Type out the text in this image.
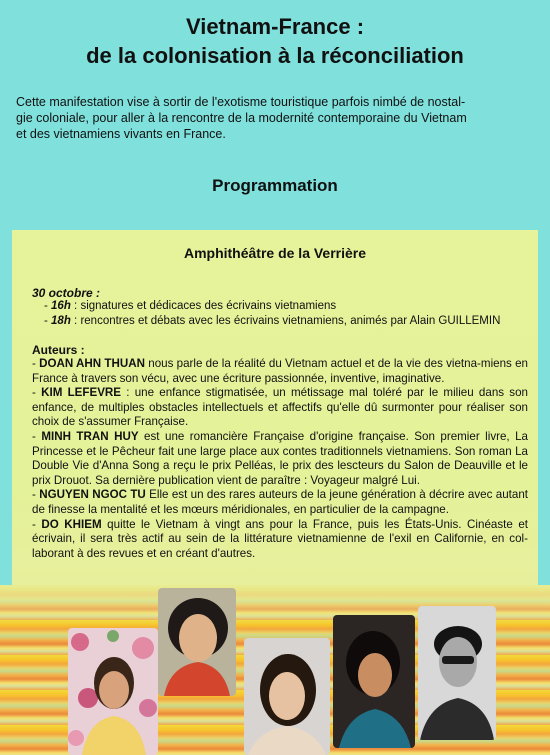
Vietnam-France :
de la colonisation à la réconciliation
Cette manifestation vise à sortir de l'exotisme touristique parfois nimbé de nostal-
gie coloniale, pour aller à la rencontre de la modernité contemporaine du Vietnam
et des vietnamiens vivants en France.
Programmation
Amphithéâtre de la Verrière
30 octobre :
- 16h : signatures et dédicaces des écrivains vietnamiens
- 18h : rencontres et débats avec les écrivains vietnamiens, animés par Alain GUILLEMIN
Auteurs :
- DOAN AHN THUAN nous parle de la réalité du Vietnam actuel et de la vie des vietna-miens en France à travers son vécu, avec une écriture passionnée, inventive, imaginative.
- KIM LEFEVRE : une enfance stigmatisée, un métissage mal toléré par le milieu dans son enfance, de multiples obstacles intellectuels et affectifs qu'elle dû surmonter pour réaliser son choix de s'assumer Française.
- MINH TRAN HUY est une romancière Française d'origine française. Son premier livre, La Princesse et le Pêcheur fait une large place aux contes traditionnels vietnamiens. Son roman La Double Vie d'Anna Song a reçu le prix Pelléas, le prix des lescteurs du Salon de Deauville et le prix Drouot. Sa dernière publication vient de paraître : Voyageur malgré Lui.
- NGUYEN NGOC TU Elle est un des rares auteurs de la jeune génération à décrire avec autant de finesse la mentalité et les mœurs méridionales, en particulier de la campagne.
- DO KHIEM quitte le Vietnam à vingt ans pour la France, puis les États-Unis. Cinéaste et écrivain, il sera très actif au sein de la littérature vietnamienne de l'exil en Californie, en col-laborant à des revues et en créant d'autres.
